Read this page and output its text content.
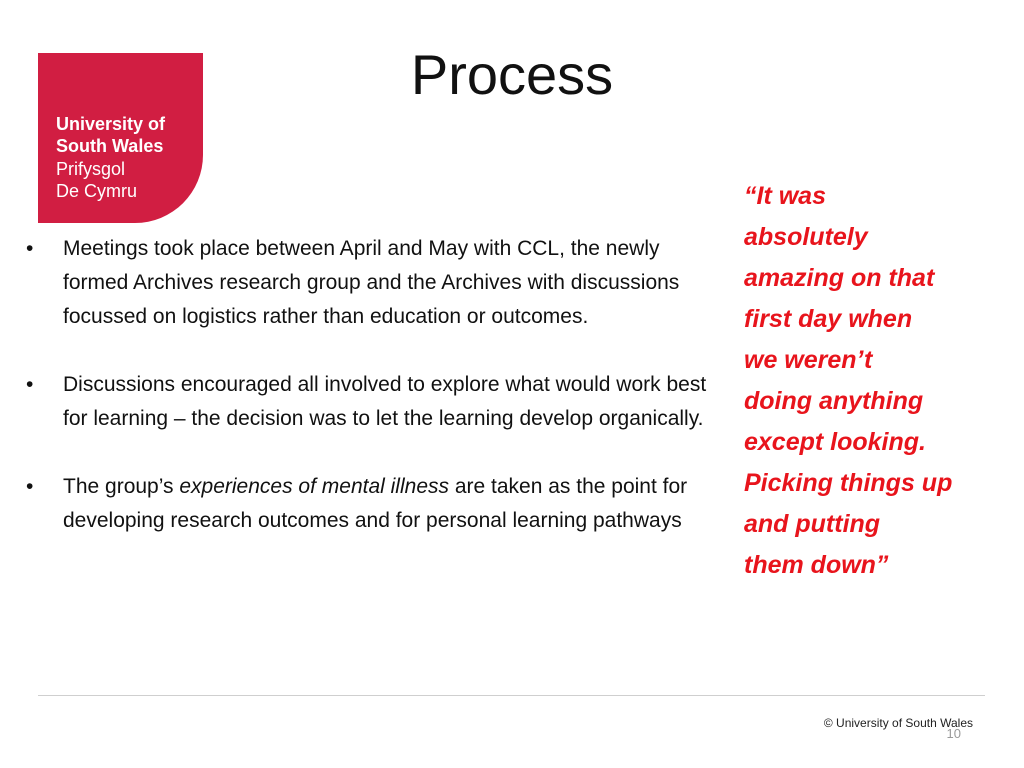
University of
South Wales
Prifysgol
De Cymru
Process
• Meetings took place between April and May with CCL, the newly formed Archives research group and the Archives with discussions focussed on logistics rather than education or outcomes.
• Discussions encouraged all involved to explore what would work best for learning – the decision was to let the learning develop organically.
• The group’s experiences of mental illness are taken as the point for developing research outcomes and for personal learning pathways
“It was
absolutely
amazing on that
first day when
we weren’t
doing anything
except looking.
Picking things up
and putting
them down”
© University of South Wales
10
